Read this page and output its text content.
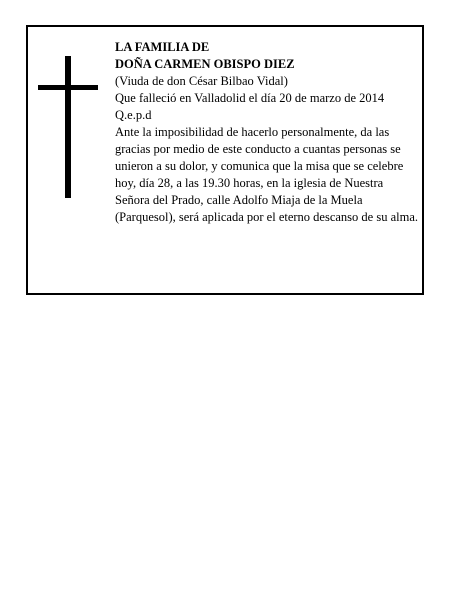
LA FAMILIA DE
DOÑA CARMEN OBISPO DIEZ
(Viuda de don César Bilbao Vidal)
Que falleció en Valladolid el día 20 de marzo de 2014
Q.e.p.d

Ante la imposibilidad de hacerlo personalmente, da las gracias por medio de este conducto a cuantas personas se unieron a su dolor, y comunica que la misa que se celebre hoy, día 28, a las 19.30 horas, en la iglesia de Nuestra Señora del Prado, calle Adolfo Miaja de la Muela (Parquesol), será aplicada por el eterno descanso de su alma.
